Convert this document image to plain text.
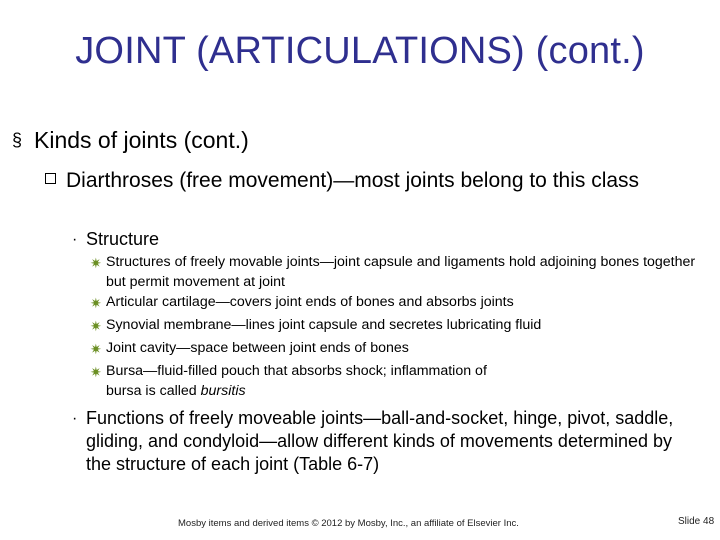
JOINT (ARTICULATIONS) (cont.)
§ Kinds of joints (cont.)
Diarthroses (free movement)—most joints belong to this class
· Structure
✷ Structures of freely movable joints—joint capsule and ligaments hold adjoining bones together but permit movement at joint
✷ Articular cartilage—covers joint ends of bones and absorbs joints
✷ Synovial membrane—lines joint capsule and secretes lubricating fluid
✷ Joint cavity—space between joint ends of bones
✷ Bursa—fluid-filled pouch that absorbs shock; inflammation of bursa is called bursitis
· Functions of freely moveable joints—ball-and-socket, hinge, pivot, saddle, gliding, and condyloid—allow different kinds of movements determined by the structure of each joint (Table 6-7)
Mosby items and derived items © 2012 by Mosby, Inc., an affiliate of Elsevier Inc.	Slide 48
